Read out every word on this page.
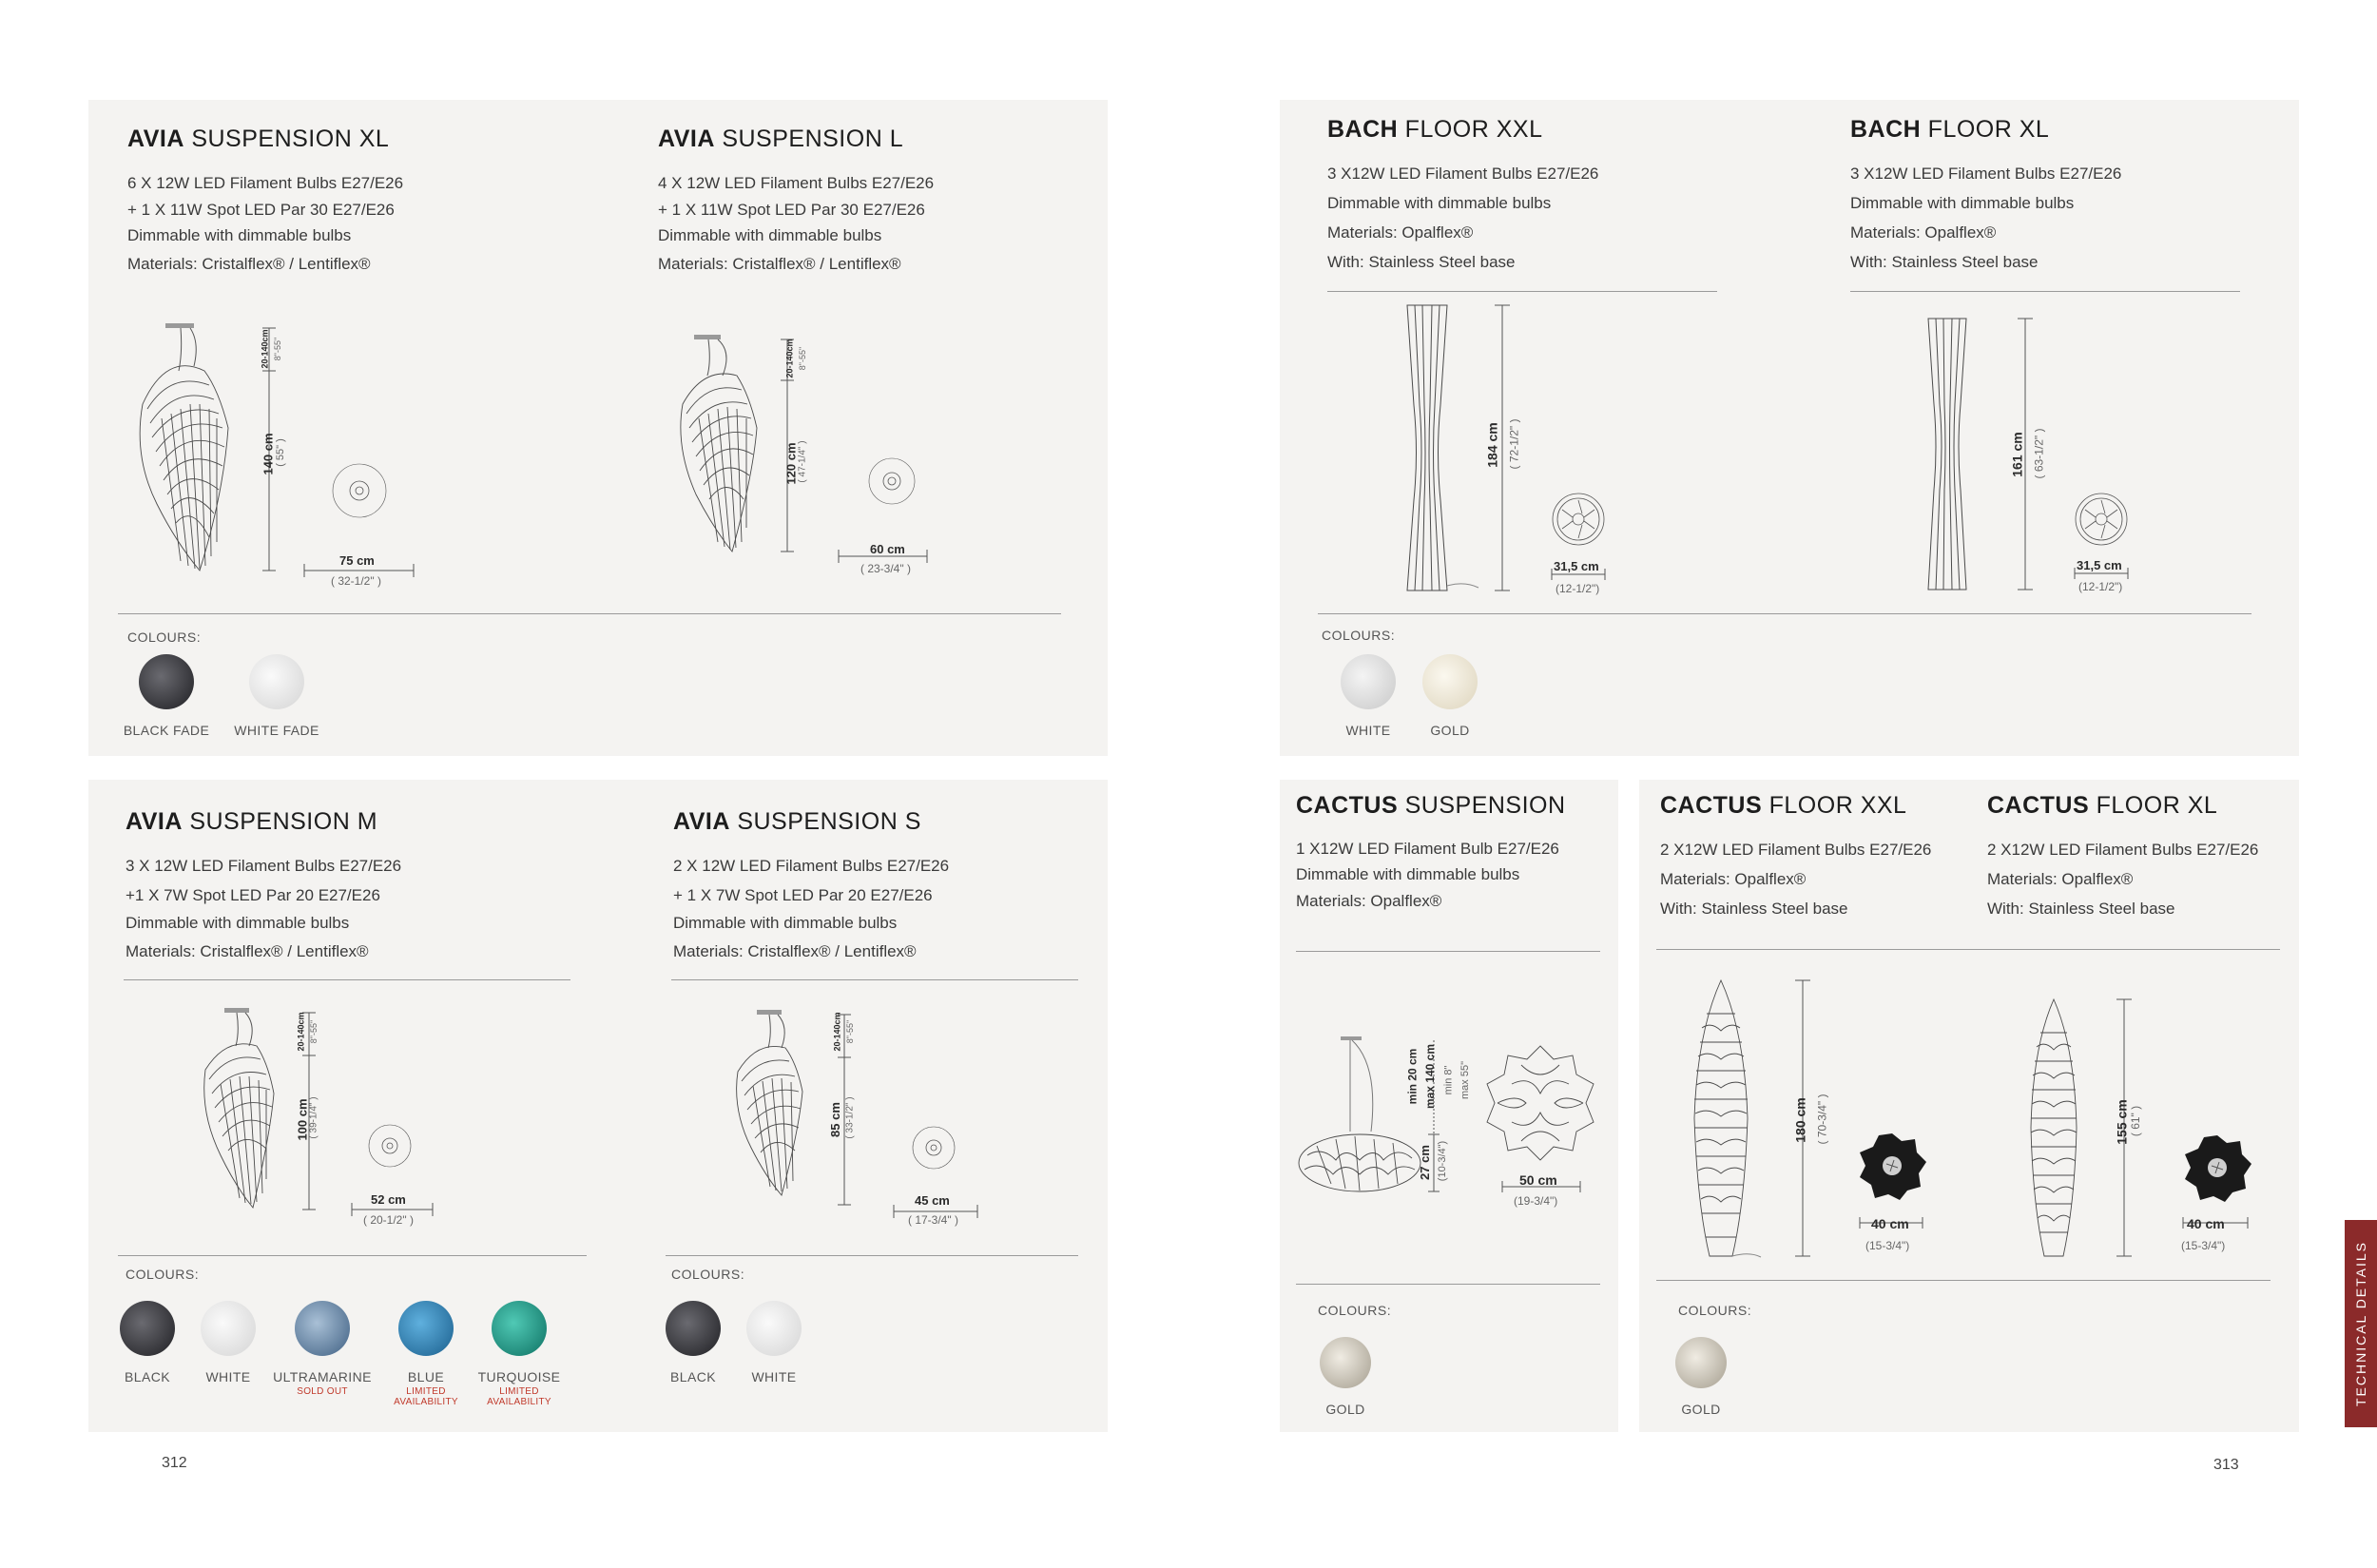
AVIA SUSPENSION XL
6 X 12W LED Filament Bulbs E27/E26
+ 1 X 11W Spot LED Par 30 E27/E26
Dimmable with dimmable bulbs
Materials: Cristalflex® / Lentiflex®
140 cm ( 55" )
20-140cm 8"-55"
75 cm
( 32-1/2" )
AVIA SUSPENSION L
4 X 12W LED Filament Bulbs E27/E26
+ 1 X 11W Spot LED Par 30 E27/E26
Dimmable with dimmable bulbs
Materials: Cristalflex® / Lentiflex®
120 cm ( 47-1/4" )
20-140cm 8"-55"
60 cm
( 23-3/4" )
COLOURS:
BLACK FADE	WHITE FADE
BACH FLOOR XXL
3 X12W LED Filament Bulbs E27/E26
Dimmable with dimmable bulbs
Materials: Opalflex®
With: Stainless Steel base
184 cm ( 72-1/2" )
31,5 cm
(12-1/2")
BACH FLOOR XL
3 X12W LED Filament Bulbs E27/E26
Dimmable with dimmable bulbs
Materials: Opalflex®
With: Stainless Steel base
161 cm ( 63-1/2" )
31,5 cm
(12-1/2")
COLOURS:
WHITE	GOLD
AVIA SUSPENSION M
3 X 12W LED Filament Bulbs E27/E26
+1 X 7W Spot LED Par 20 E27/E26
Dimmable with dimmable bulbs
Materials: Cristalflex® / Lentiflex®
100 cm ( 39-1/4" )
20-140cm 8"-55"
52 cm
( 20-1/2" )
COLOURS:
BLACK	WHITE	ULTRAMARINE
SOLD OUT
BLUE
LIMITED AVAILABILITY
TURQUOISE
LIMITED AVAILABILITY
AVIA SUSPENSION S
2 X 12W LED Filament Bulbs E27/E26
+ 1 X 7W Spot LED Par 20 E27/E26
Dimmable with dimmable bulbs
Materials: Cristalflex® / Lentiflex®
85 cm ( 33-1/2" )
20-140cm 8"-55"
45 cm
( 17-3/4" )
COLOURS:
BLACK	WHITE
CACTUS SUSPENSION
1 X12W LED Filament Bulb E27/E26
Dimmable with dimmable bulbs
Materials: Opalflex®
min 20 cm max 140 cm min 8" max 55"
27 cm (10-3/4")	50 cm
(19-3/4")
COLOURS:
GOLD
CACTUS FLOOR XXL
2 X12W LED Filament Bulbs E27/E26
Materials: Opalflex®
With: Stainless Steel base
CACTUS FLOOR XL
2 X12W LED Filament Bulbs E27/E26
Materials: Opalflex®
With: Stainless Steel base
180 cm ( 70-3/4" )
40 cm
(15-3/4")
155 cm ( 61" )
40 cm
(15-3/4")
COLOURS:
GOLD
312	313
TECHNICAL DETAILS
